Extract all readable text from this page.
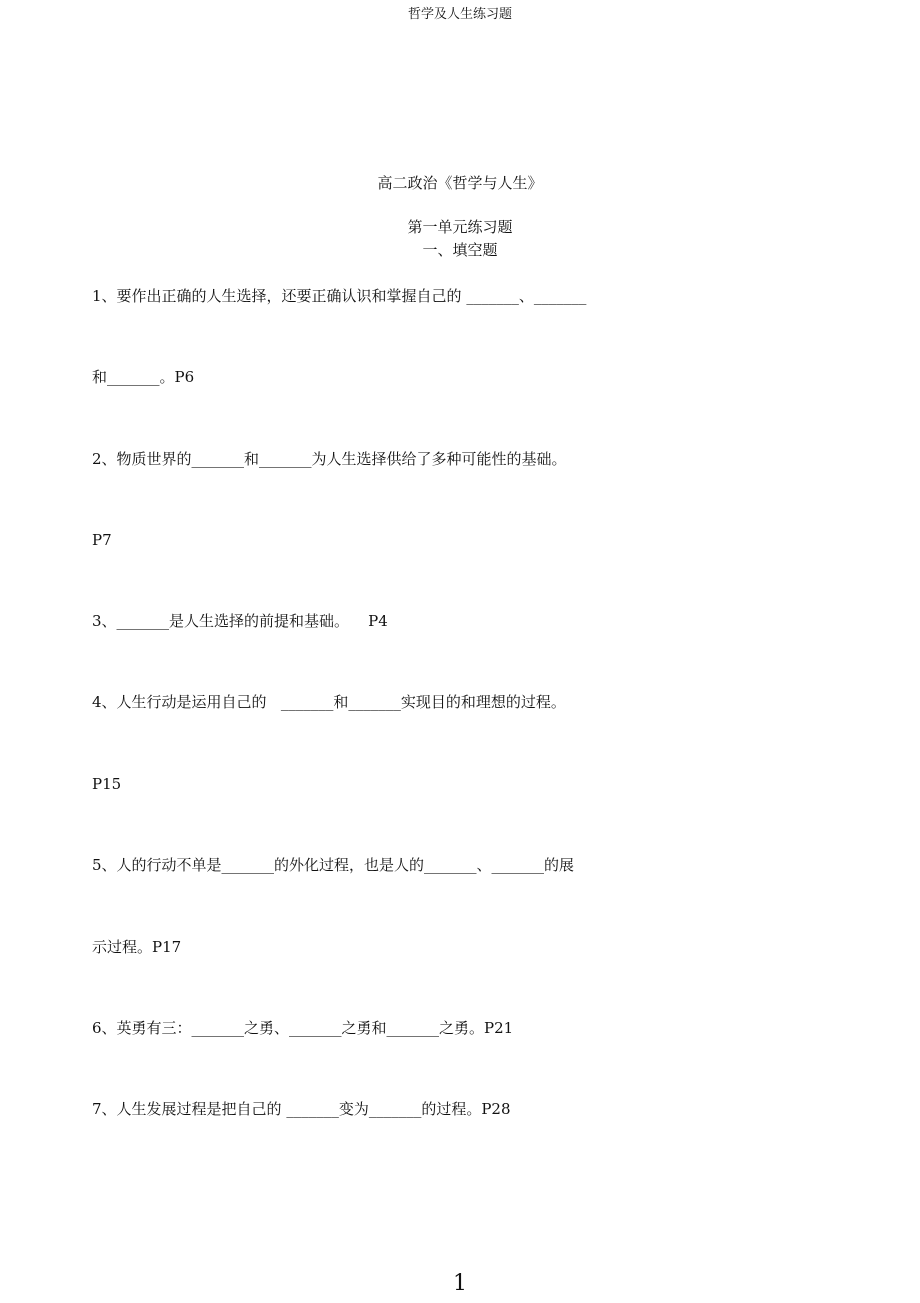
哲学及人生练习题
高二政治《哲学与人生》
第一单元练习题
一、填空题
1、要作出正确的人生选择，还要正确认识和掌握自己的 _______、_______
和_______。P6
2、物质世界的_______和_______为人生选择供给了多种可能性的基础。
P7
3、_______是人生选择的前提和基础。    P4
4、人生行动是运用自己的   _______和_______实现目的和理想的过程。
P15
5、人的行动不单是_______的外化过程，也是人的_______、_______的展
示过程。P17
6、英勇有三：_______之勇、_______之勇和_______之勇。P21
7、人生发展过程是把自己的 _______变为_______的过程。P28
1
